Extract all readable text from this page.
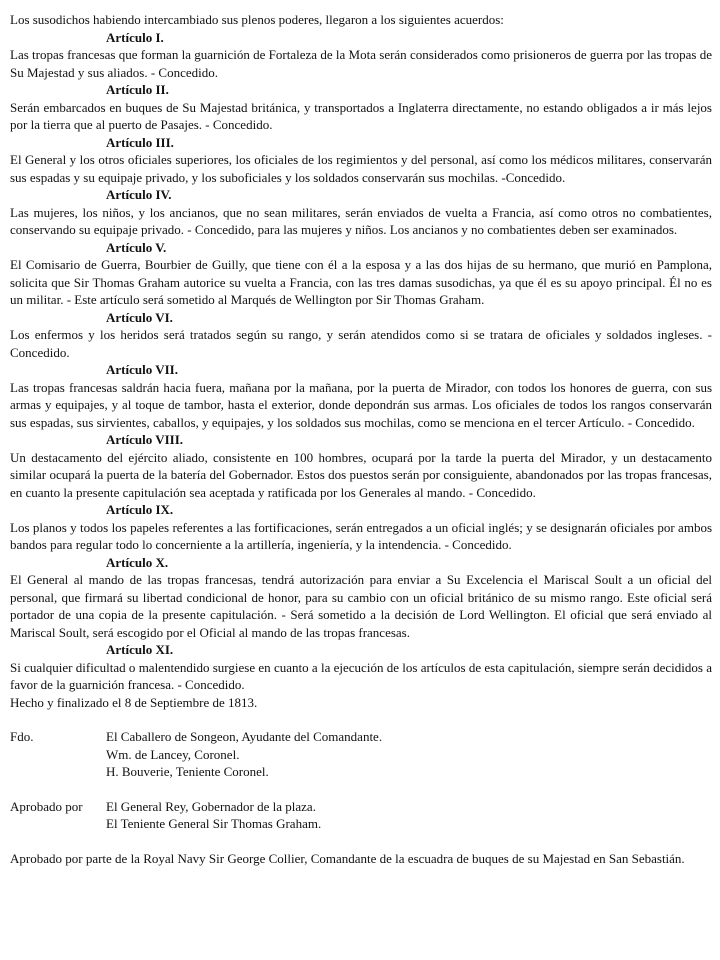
Los susodichos habiendo intercambiado sus plenos poderes, llegaron a los siguientes acuerdos:

Artículo I.

Las tropas francesas que forman la guarnición de Fortaleza de la Mota serán considerados como prisioneros de guerra por las tropas de Su Majestad y sus aliados. - Concedido.

Artículo II.

Serán embarcados en buques de Su Majestad británica, y transportados a Inglaterra directamente, no estando obligados a ir más lejos por la tierra que al puerto de Pasajes. - Concedido.

Artículo III.

El General y los otros oficiales superiores, los oficiales de los regimientos y del personal, así como los médicos militares, conservarán sus espadas y su equipaje privado, y los suboficiales y los soldados conservarán sus mochilas. -Concedido.

Artículo IV.

Las mujeres, los niños, y los ancianos, que no sean militares, serán enviados de vuelta a Francia, así como otros no combatientes, conservando su equipaje privado. - Concedido, para las mujeres y niños. Los ancianos y no combatientes deben ser examinados.

Artículo V.

El Comisario de Guerra, Bourbier de Guilly, que tiene con él a la esposa y a las dos hijas de su hermano, que murió en Pamplona, solicita que Sir Thomas Graham autorice su vuelta a Francia, con las tres damas susodichas, ya que él es su apoyo principal. Él no es un militar. - Este artículo será sometido al Marqués de Wellington por Sir Thomas Graham.

Artículo VI.

Los enfermos y los heridos será tratados según su rango, y serán atendidos como si se tratara de oficiales y soldados ingleses. - Concedido.

Artículo VII.

Las tropas francesas saldrán hacia fuera, mañana por la mañana, por la puerta de Mirador, con todos los honores de guerra, con sus armas y equipajes, y al toque de tambor, hasta el exterior, donde depondrán sus armas. Los oficiales de todos los rangos conservarán sus espadas, sus sirvientes, caballos, y equipajes, y los soldados sus mochilas, como se menciona en el tercer Artículo. - Concedido.

Artículo VIII.

Un destacamento del ejército aliado, consistente en 100 hombres, ocupará por la tarde la puerta del Mirador, y un destacamento similar ocupará la puerta de la batería del Gobernador. Estos dos puestos serán por consiguiente, abandonados por las tropas francesas, en cuanto la presente capitulación sea aceptada y ratificada por los Generales al mando. - Concedido.

Artículo IX.

Los planos y todos los papeles referentes a las fortificaciones, serán entregados a un oficial inglés; y se designarán oficiales por ambos bandos para regular todo lo concerniente a la artillería, ingeniería, y la intendencia. - Concedido.

Artículo X.

El General al mando de las tropas francesas, tendrá autorización para enviar a Su Excelencia el Mariscal Soult a un oficial del personal, que firmará su libertad condicional de honor, para su cambio con un oficial británico de su mismo rango. Este oficial será portador de una copia de la presente capitulación. - Será sometido a la decisión de Lord Wellington. El oficial que será enviado al Mariscal Soult, será escogido por el Oficial al mando de las tropas francesas.

Artículo XI.

Si cualquier dificultad o malentendido surgiese en cuanto a la ejecución de los artículos de esta capitulación, siempre serán decididos a favor de la guarnición francesa. - Concedido.

Hecho y finalizado el 8 de Septiembre de 1813.

Fdo.	El Caballero de Songeon, Ayudante del Comandante.
Wm. de Lancey, Coronel.
H. Bouverie, Teniente Coronel.
Aprobado por	El General Rey, Gobernador de la plaza.
El Teniente General Sir Thomas Graham.

Aprobado por parte de la Royal Navy Sir George Collier, Comandante de la escuadra de buques de su Majestad en San Sebastián.
